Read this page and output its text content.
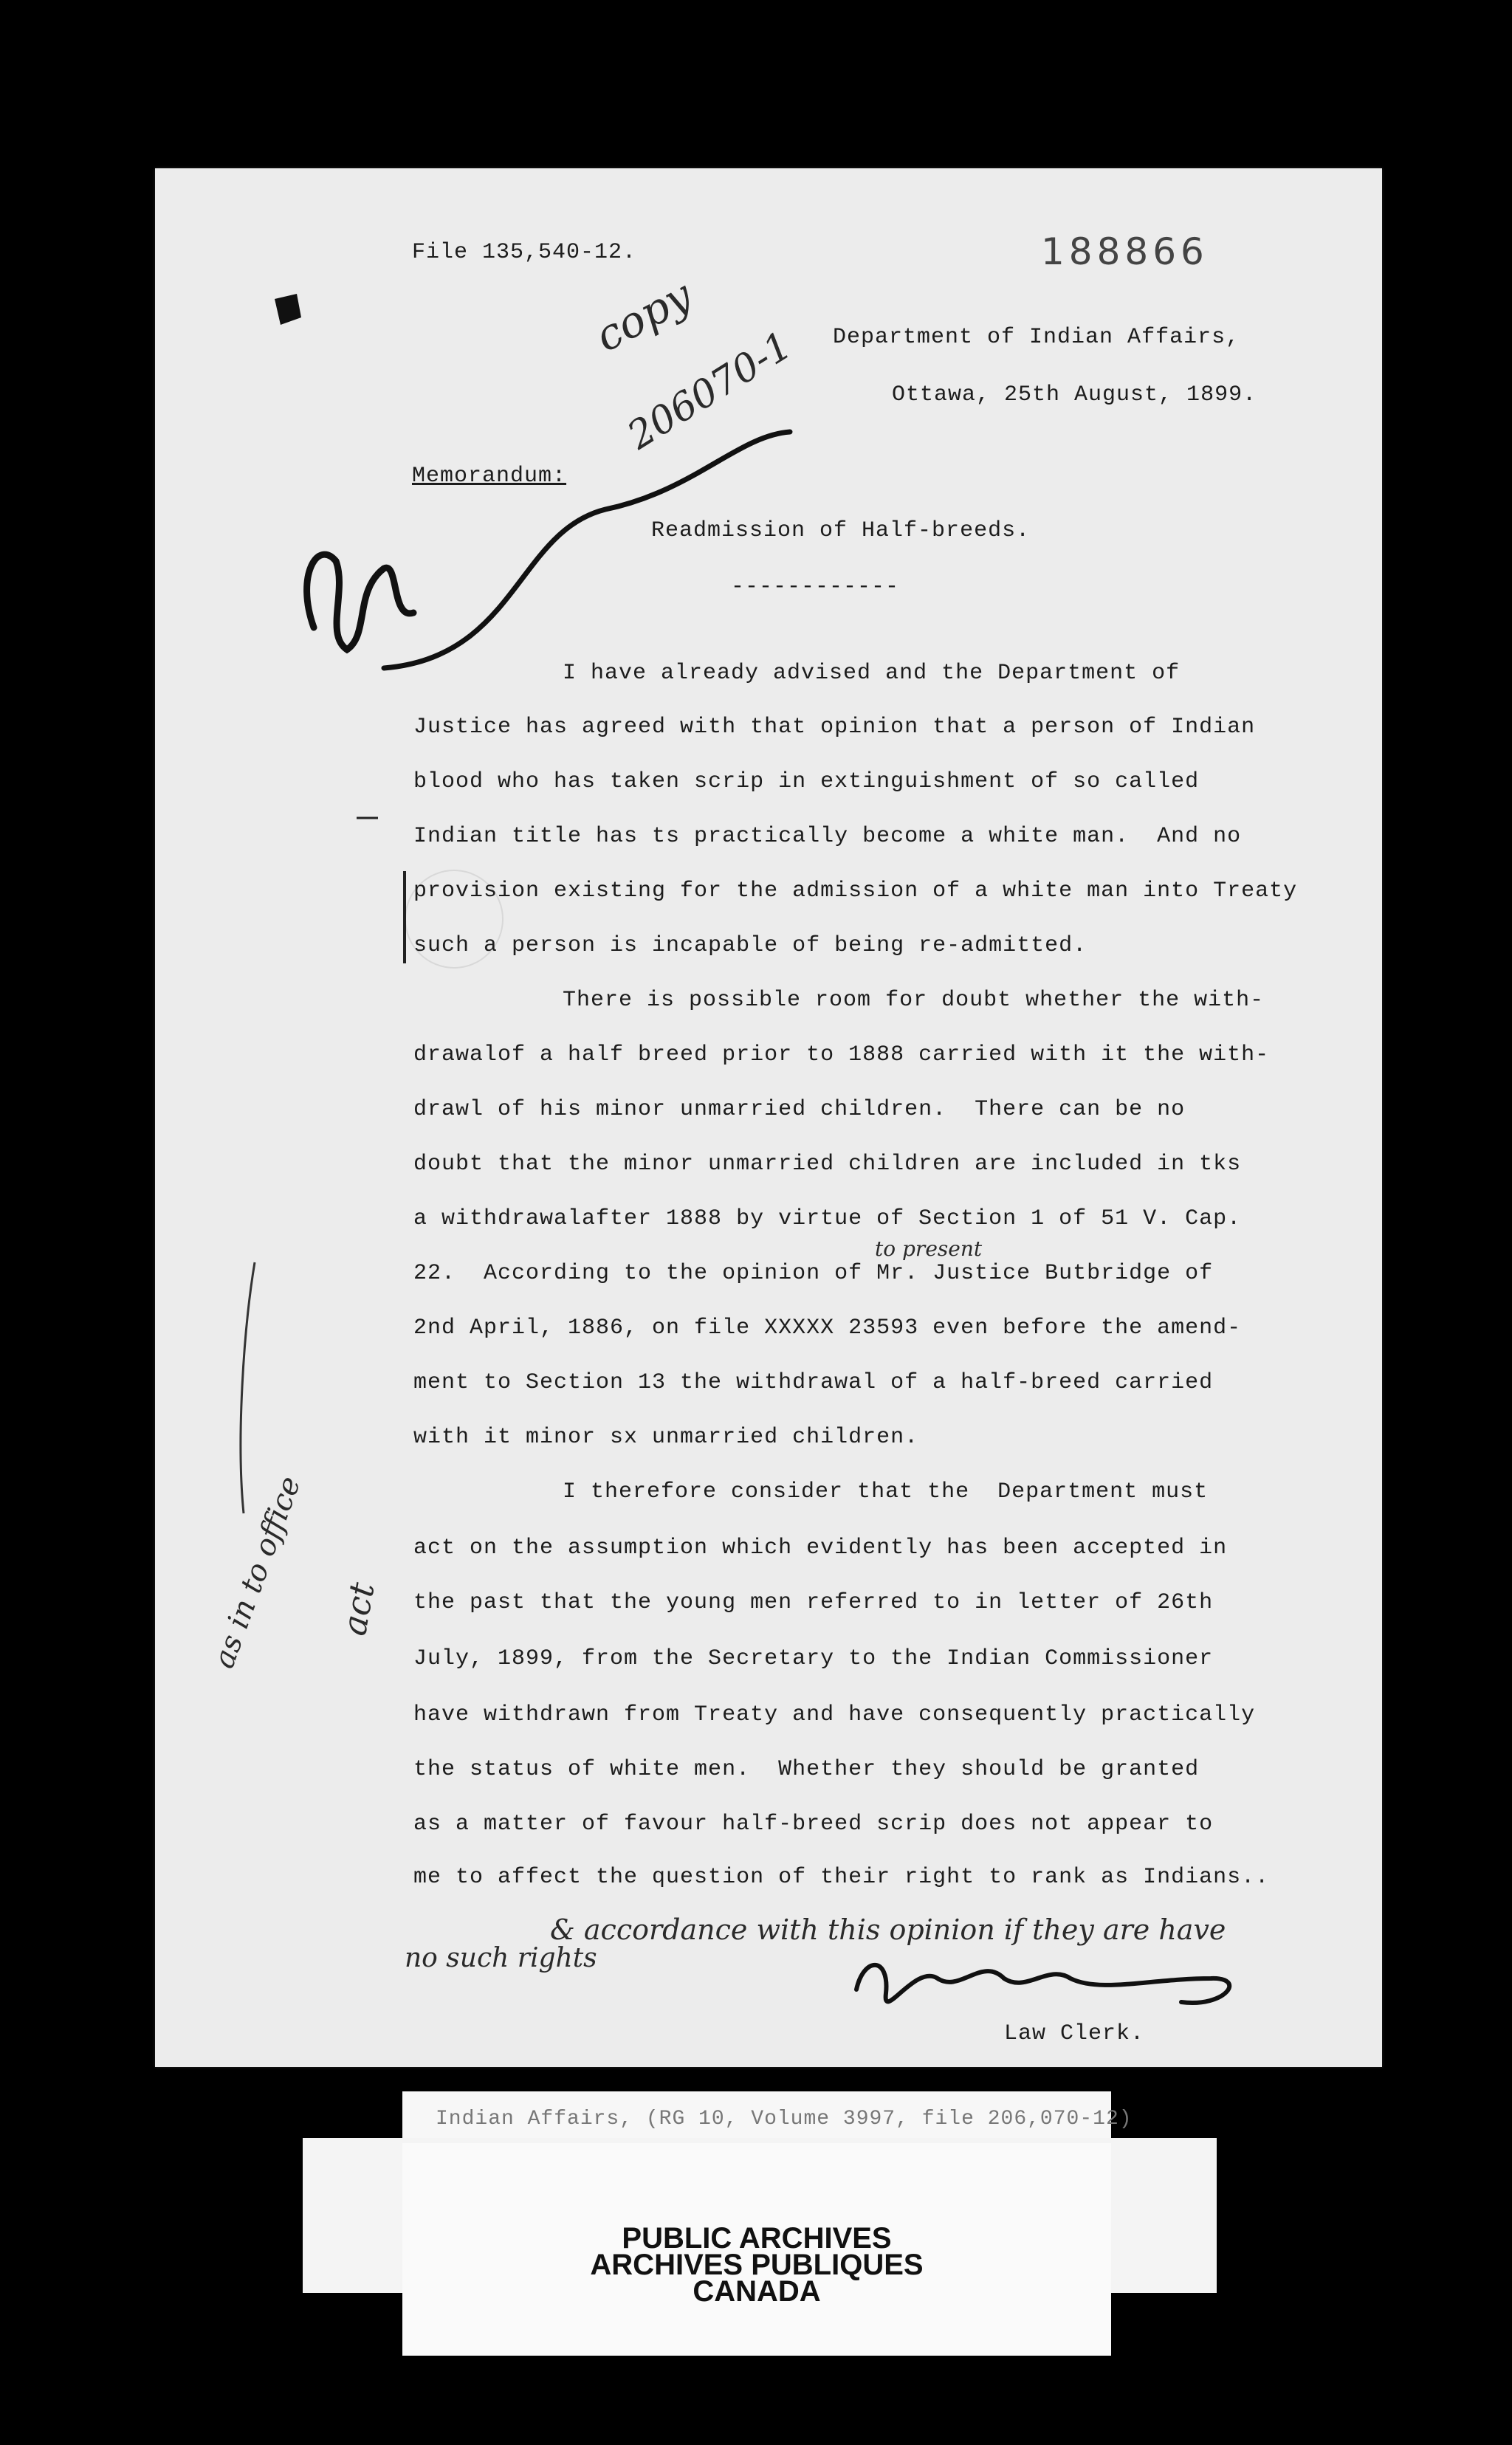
File 135,540-12.	188866
Department of Indian Affairs,
Ottawa, 25th August, 1899.
Memorandum:
Readmission of Half-breeds.
------------
I have already advised and the Department of
Justice has agreed with that opinion that a person of Indian
blood who has taken scrip in extinguishment of so called
Indian title has ts practically become a white man.  And no
provision existing for the admission of a white man into Treaty
such a person is incapable of being re-admitted.
There is possible room for doubt whether the with-
drawalof a half breed prior to 1888 carried with it the with-
drawl of his minor unmarried children.  There can be no
doubt that the minor unmarried children are included in tks
a withdrawalafter 1888 by virtue of Section 1 of 51 V. Cap.
22.  According to the opinion of Mr. Justice Butbridge of
2nd April, 1886, on file XXXXX 23593 even before the amend-
ment to Section 13 the withdrawal of a half-breed carried
with it minor sx unmarried children.
I therefore consider that the  Department must
act on the assumption which evidently has been accepted in
the past that the young men referred to in letter of 26th
July, 1899, from the Secretary to the Indian Commissioner
have withdrawn from Treaty and have consequently practically
the status of white men.  Whether they should be granted
as a matter of favour half-breed scrip does not appear to
me to affect the question of their right to rank as Indians..
Law Clerk.
copy
206070-1
as in to office act
to present
& accordance with this opinion if they are have
no such rights
Indian Affairs, (RG 10, Volume 3997, file 206,070-12)
PUBLIC ARCHIVES
ARCHIVES PUBLIQUES
CANADA
